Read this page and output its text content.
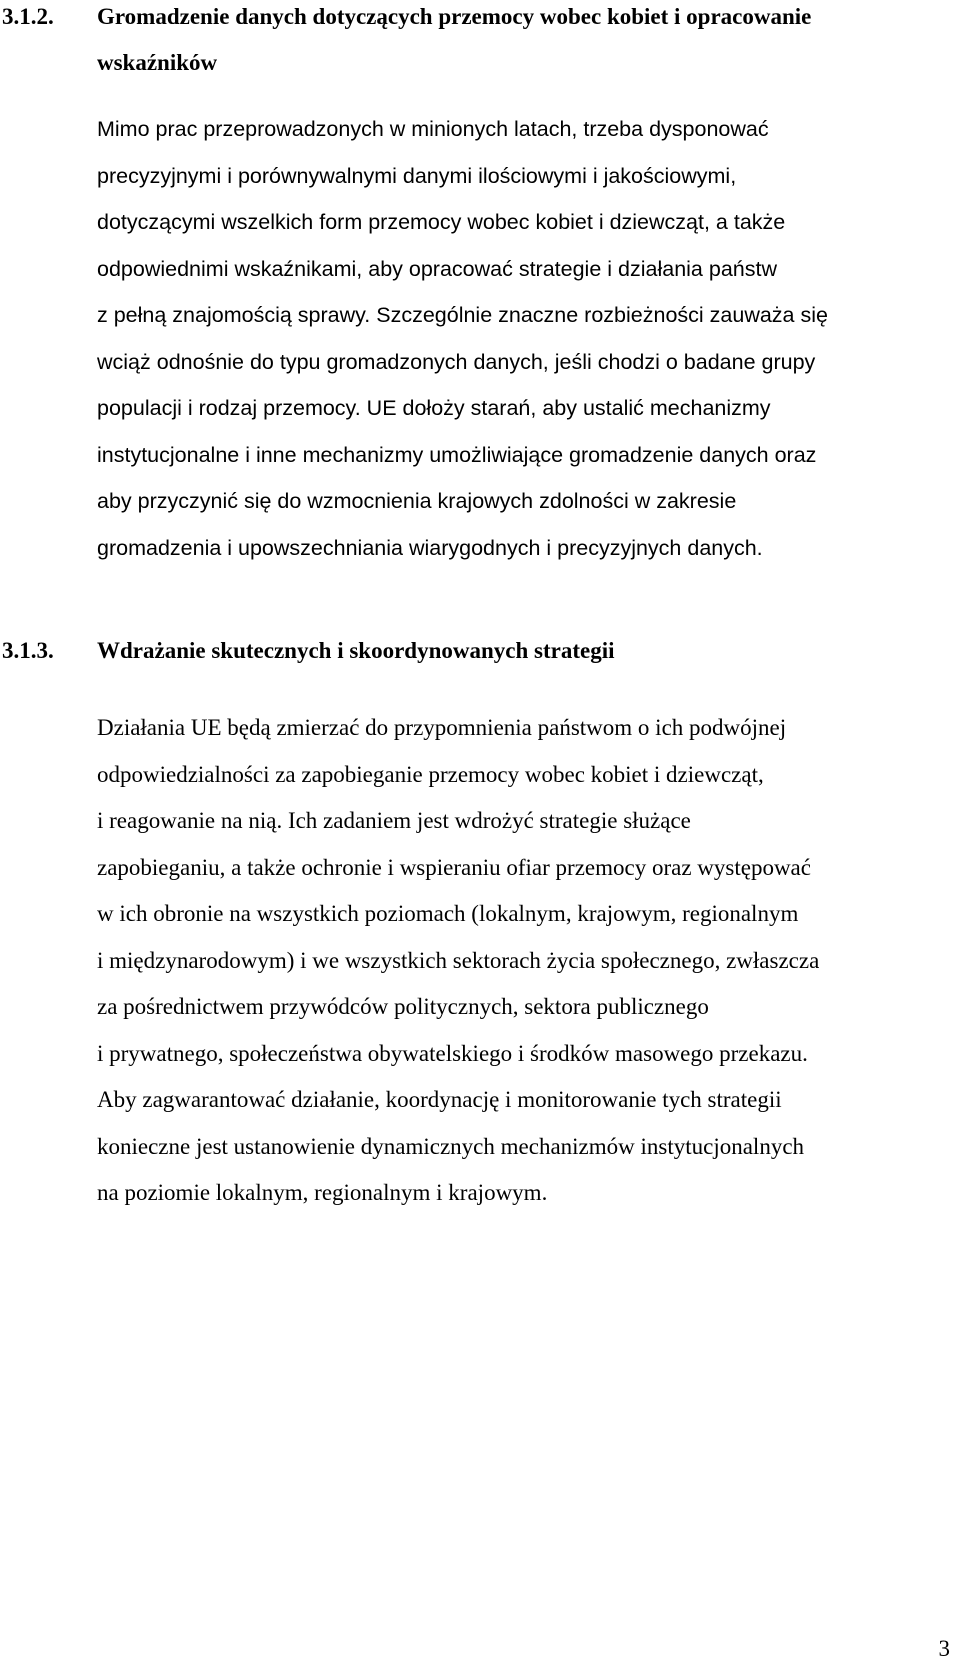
3.1.2. Gromadzenie danych dotyczących przemocy wobec kobiet i opracowanie
wskaźników
Mimo prac przeprowadzonych w minionych latach, trzeba dysponować
precyzyjnymi i porównywalnymi danymi ilościowymi i jakościowymi,
dotyczącymi wszelkich form przemocy wobec kobiet i dziewcząt, a także
odpowiednimi wskaźnikami, aby opracować strategie i działania państw
z pełną znajomością sprawy. Szczególnie znaczne rozbieżności zauważa się
wciąż odnośnie do typu gromadzonych danych, jeśli chodzi o badane grupy
populacji i rodzaj przemocy. UE dołoży starań, aby ustalić mechanizmy
instytucjonalne i inne mechanizmy umożliwiające gromadzenie danych oraz
aby przyczynić się do wzmocnienia krajowych zdolności w zakresie
gromadzenia i upowszechniania wiarygodnych i precyzyjnych danych.
3.1.3. Wdrażanie skutecznych i skoordynowanych strategii
Działania UE będą zmierzać do przypomnienia państwom o ich podwójnej
odpowiedzialności za zapobieganie przemocy wobec kobiet i dziewcząt,
i reagowanie na nią. Ich zadaniem jest wdrożyć strategie służące
zapobieganiu, a także ochronie i wspieraniu ofiar przemocy oraz występować
w ich obronie na wszystkich poziomach (lokalnym, krajowym, regionalnym
i międzynarodowym) i we wszystkich sektorach życia społecznego, zwłaszcza
za pośrednictwem przywódców politycznych, sektora publicznego
i prywatnego, społeczeństwa obywatelskiego i środków masowego przekazu.
Aby zagwarantować działanie, koordynację i monitorowanie tych strategii
konieczne jest ustanowienie dynamicznych mechanizmów instytucjonalnych
na poziomie lokalnym, regionalnym i krajowym.
3
